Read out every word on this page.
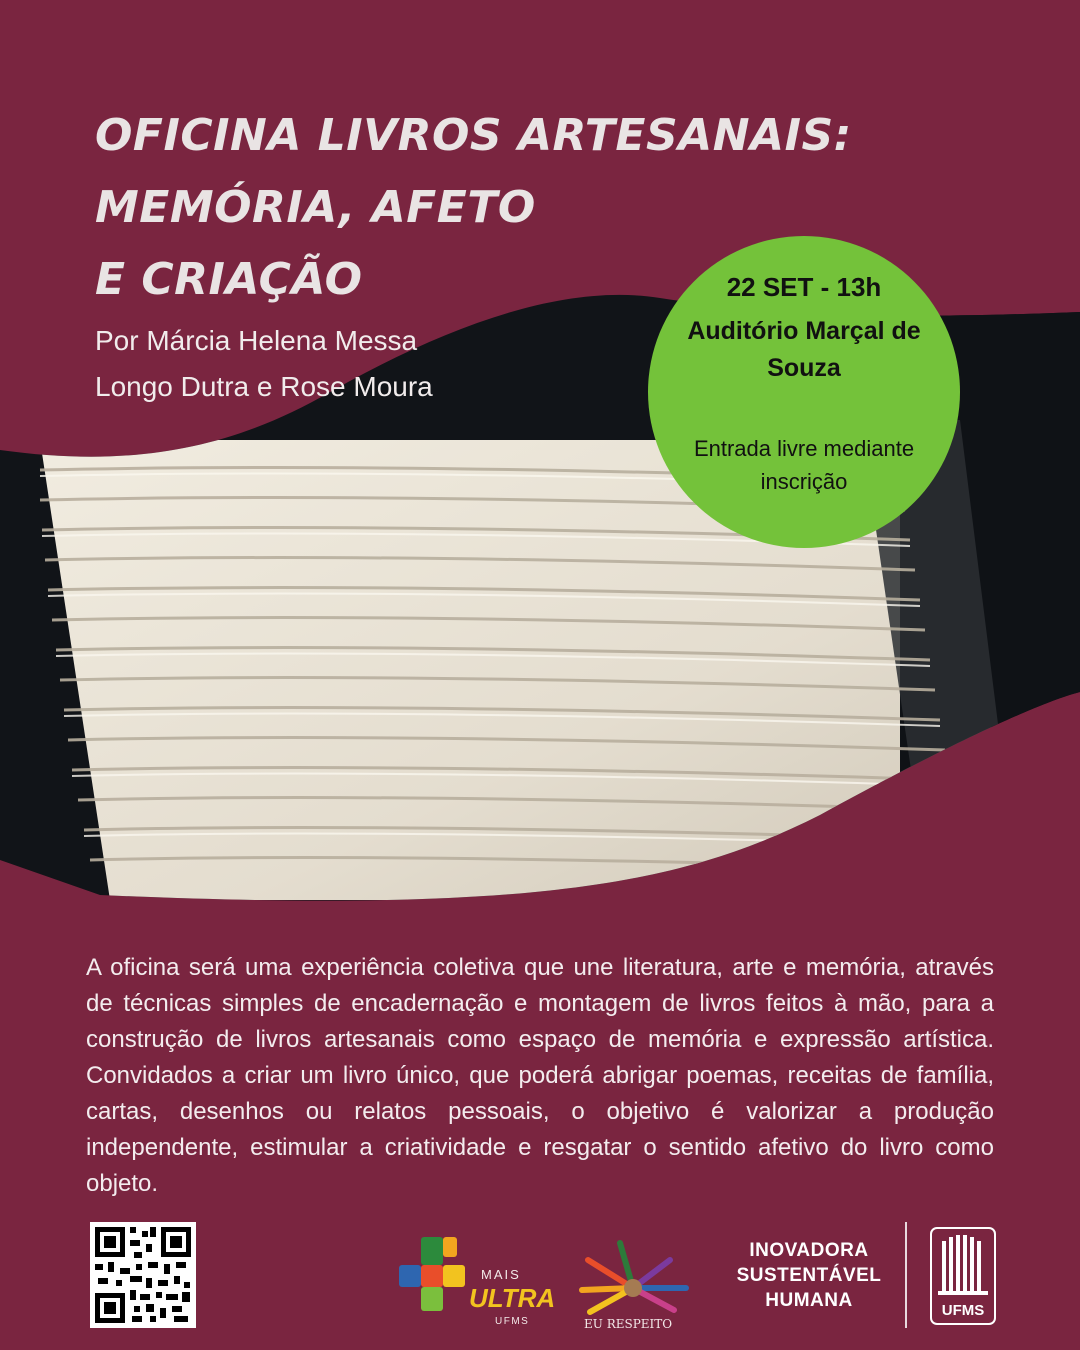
OFICINA LIVROS ARTESANAIS:
MEMÓRIA, AFETO
E CRIAÇÃO

Por Márcia Helena Messa Longo Dutra e Rose Moura

22 SET - 13h
Auditório Marçal de Souza
Entrada livre mediante inscrição

A oficina será uma experiência coletiva que une literatura, arte e memória, através de técnicas simples de encadernação e montagem de livros feitos à mão, para a construção de livros artesanais como espaço de memória e expressão artística. Convidados a criar um livro único, que poderá abrigar poemas, receitas de família, cartas, desenhos ou relatos pessoais, o objetivo é valorizar a produção independente, estimular a criatividade e resgatar o sentido afetivo do livro como objeto.

MAIS
ULTRA
UFMS	EU RESPEITO
INOVADORA
SUSTENTÁVEL
HUMANA	UFMS
